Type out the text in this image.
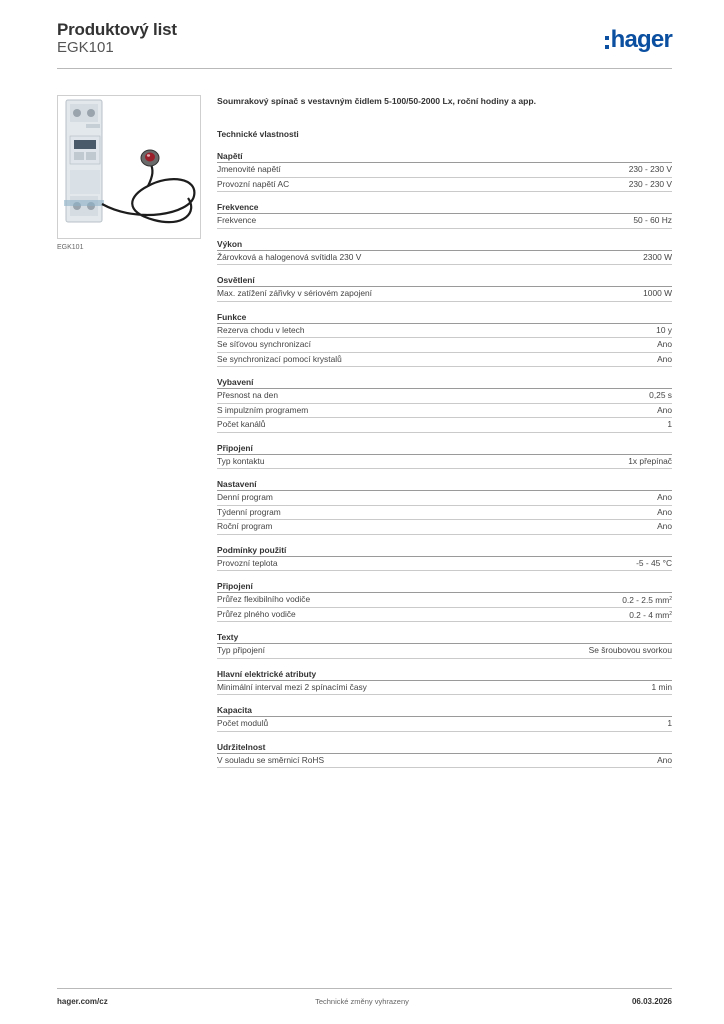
Produktový list
EGK101	hager
EGK101
Soumrakový spínač s vestavným čidlem 5-100/50-2000 Lx, roční hodiny a app.
Technické vlastnosti
Napětí
Jmenovité napětí	230 - 230 V
Provozní napětí AC	230 - 230 V
Frekvence
Frekvence	50 - 60 Hz
Výkon
Žárovková a halogenová svítidla 230 V	2300 W
Osvětlení
Max. zatížení zářivky v sériovém zapojení	1000 W
Funkce
Rezerva chodu v letech	10 y
Se síťovou synchronizací	Ano
Se synchronizací pomocí krystalů	Ano
Vybavení
Přesnost na den	0,25 s
S impulzním programem	Ano
Počet kanálů	1
Připojení
Typ kontaktu	1x přepínač
Nastavení
Denní program	Ano
Týdenní program	Ano
Roční program	Ano
Podmínky použití
Provozní teplota	-5 - 45 °C
Připojení
Průřez flexibilního vodiče	0.2 - 2.5 $mm^2$
Průřez plného vodiče	0.2 - 4 $mm^2$
Texty
Typ připojení	Se šroubovou svorkou
Hlavní elektrické atributy
Minimální interval mezi 2 spínacími časy	1 min
Kapacita
Počet modulů	1
Udržitelnost
V souladu se směrnicí RoHS	Ano
hager.com/cz	Technické změny vyhrazeny	06.03.2026
